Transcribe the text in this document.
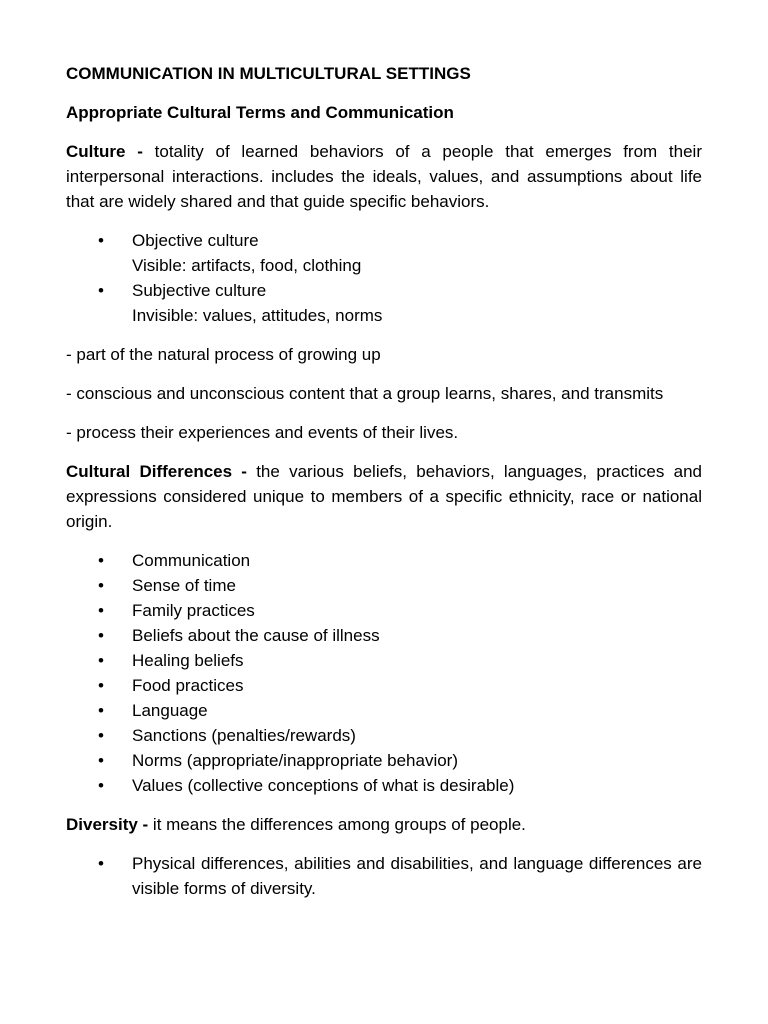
COMMUNICATION IN MULTICULTURAL SETTINGS
Appropriate Cultural Terms and Communication

Culture - totality of learned behaviors of a people that emerges from their interpersonal interactions. includes the ideals, values, and assumptions about life that are widely shared and that guide specific behaviors.

• Objective culture
Visible: artifacts, food, clothing
• Subjective culture
Invisible: values, attitudes, norms

- part of the natural process of growing up

- conscious and unconscious content that a group learns, shares, and transmits

- process their experiences and events of their lives.

Cultural Differences - the various beliefs, behaviors, languages, practices and expressions considered unique to members of a specific ethnicity, race or national origin.

• Communication
• Sense of time
• Family practices
• Beliefs about the cause of illness
• Healing beliefs
• Food practices
• Language
• Sanctions (penalties/rewards)
• Norms (appropriate/inappropriate behavior)
• Values (collective conceptions of what is desirable)

Diversity - it means the differences among groups of people.

• Physical differences, abilities and disabilities, and language differences are visible forms of diversity.
